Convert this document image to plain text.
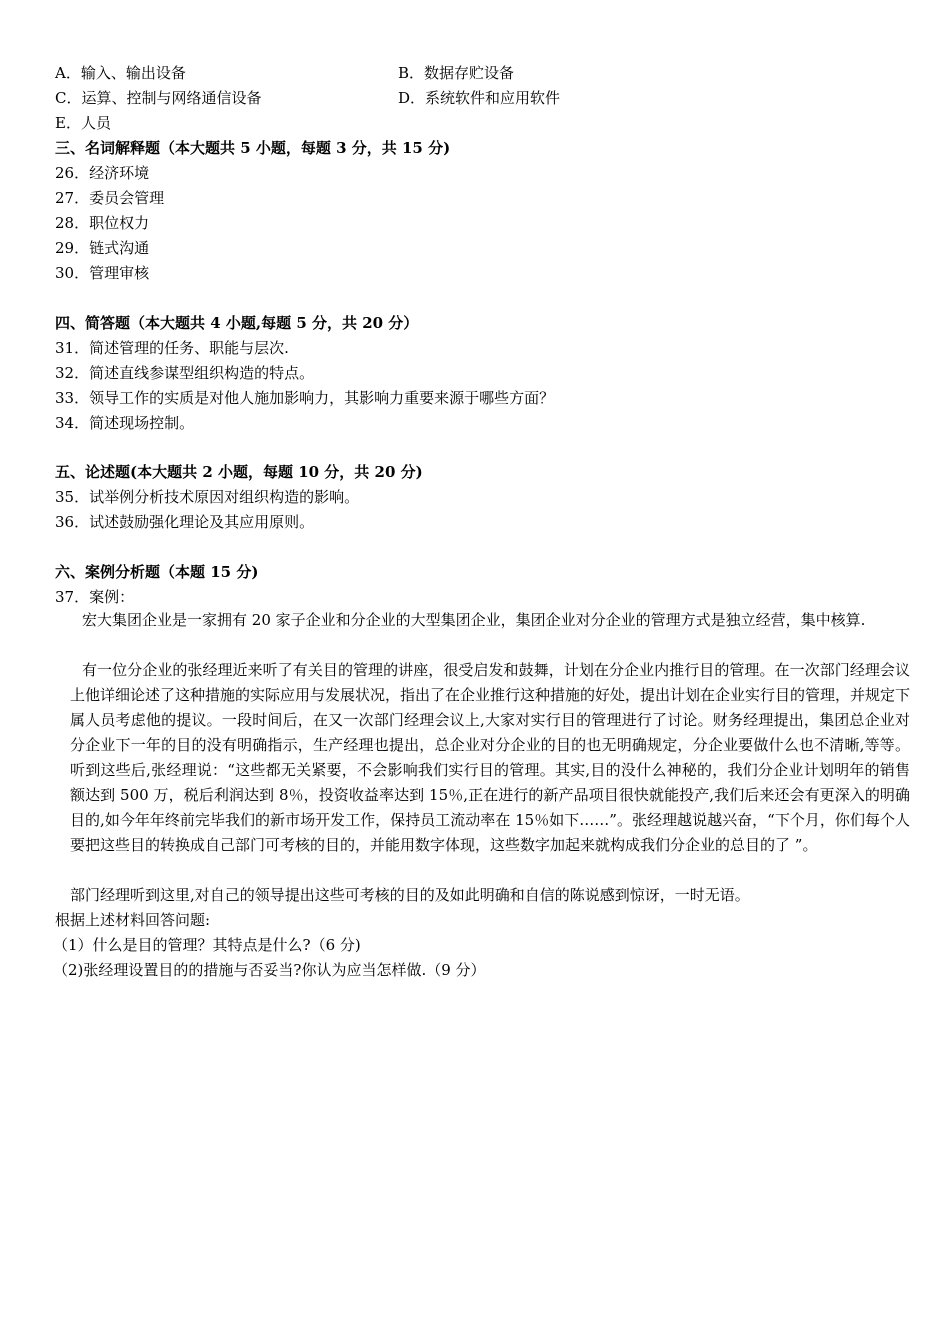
A．输入、输出设备	B．数据存贮设备
C．运算、控制与网络通信设备	D．系统软件和应用软件
E．人员
三、名词解释题（本大题共 5 小题，每题 3 分，共 15 分)
26．经济环境
27．委员会管理
28．职位权力
29．链式沟通
30．管理审核
四、简答题（本大题共 4 小题,每题 5 分，共 20 分）
31．简述管理的任务、职能与层次.
32．简述直线参谋型组织构造的特点。
33．领导工作的实质是对他人施加影响力，其影响力重要来源于哪些方面？
34．简述现场控制。
五、论述题(本大题共 2 小题，每题 10 分，共 20 分)
35．试举例分析技术原因对组织构造的影响。
36．试述鼓励强化理论及其应用原则。
六、案例分析题（本题 15 分)
37．案例：
宏大集团企业是一家拥有 20 家子企业和分企业的大型集团企业，集团企业对分企业的管理方式是独立经营，集中核算.
有一位分企业的张经理近来听了有关目的管理的讲座，很受启发和鼓舞，计划在分企业内推行目的管理。在一次部门经理会议上他详细论述了这种措施的实际应用与发展状况，指出了在企业推行这种措施的好处，提出计划在企业实行目的管理，并规定下属人员考虑他的提议。一段时间后，在又一次部门经理会议上,大家对实行目的管理进行了讨论。财务经理提出，集团总企业对分企业下一年的目的没有明确指示，生产经理也提出，总企业对分企业的目的也无明确规定，分企业要做什么也不清晰,等等。听到这些后,张经理说：“这些都无关紧要，不会影响我们实行目的管理。其实,目的没什么神秘的，我们分企业计划明年的销售额达到 500 万，税后利润达到 8％，投资收益率达到 15％,正在进行的新产品项目很快就能投产,我们后来还会有更深入的明确目的,如今年年终前完毕我们的新市场开发工作，保持员工流动率在 15％如下……”。张经理越说越兴奋，“下个月，你们每个人要把这些目的转换成自己部门可考核的目的，并能用数字体现，这些数字加起来就构成我们分企业的总目的了 ”。
部门经理听到这里,对自己的领导提出这些可考核的目的及如此明确和自信的陈说感到惊讶，一时无语。
根据上述材料回答问题:
（1）什么是目的管理？其特点是什么?（6 分)
（2)张经理设置目的的措施与否妥当?你认为应当怎样做.（9 分）
